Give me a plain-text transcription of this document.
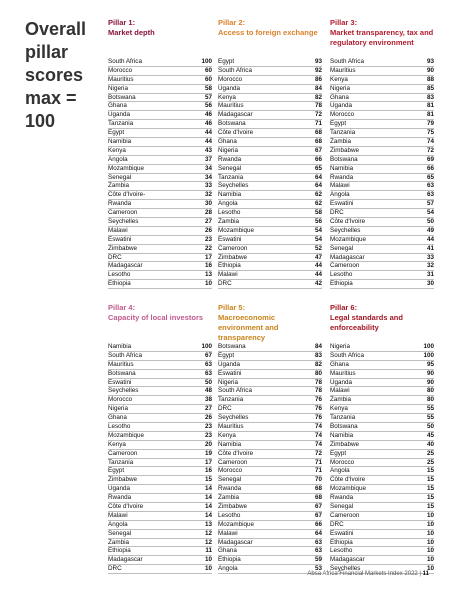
Overall pillar scores max = 100
Pillar 1:
Market depth
South Africa	100
Morocco	60
Mauritius	60
Nigeria	58
Botswana	57
Ghana	56
Uganda	46
Tanzania	46
Egypt	44
Namibia	44
Kenya	43
Angola	37
Mozambique	34
Senegal	34
Zambia	33
Côte d'Ivoire-	32
Rwanda	30
Cameroon	28
Seychelles	27
Malawi	26
Eswatini	23
Zimbabwe	22
DRC	17
Madagascar	16
Lesotho	13
Ethiopia	10
Pillar 2:
Access to foreign exchange
Egypt	93
South Africa	92
Morocco	86
Uganda	84
Kenya	82
Mauritius	78
Madagascar	72
Botswana	71
Côte d'Ivoire	68
Ghana	68
Nigeria	67
Rwanda	66
Senegal	65
Tanzania	64
Seychelles	64
Namibia	62
Angola	62
Lesotho	58
Zambia	56
Mozambique	54
Eswatini	54
Cameroon	52
Zimbabwe	47
Ethiopia	44
Malawi	44
DRC	42
Pillar 3:
Market transparency, tax and regulatory environment
South Africa	93
Mauritius	90
Kenya	88
Nigeria	85
Ghana	83
Uganda	81
Morocco	81
Egypt	79
Tanzania	75
Zambia	74
Zimbabwe	72
Botswana	69
Namibia	66
Rwanda	65
Malawi	63
Angola	63
Eswatini	57
DRC	54
Côte d'Ivoire	50
Seychelles	49
Mozambique	44
Senegal	41
Madagascar	33
Cameroon	32
Lesotho	31
Ethiopia	30
Pillar 4:
Capacity of local investors
Namibia	100
South Africa	67
Mauritius	63
Botswana	63
Eswatini	50
Seychelles	48
Morocco	38
Nigeria	27
Ghana	26
Lesotho	23
Mozambique	23
Kenya	20
Cameroon	19
Tanzania	17
Egypt	16
Zimbabwe	15
Uganda	14
Rwanda	14
Côte d'Ivoire	14
Malawi	14
Angola	13
Senegal	12
Zambia	12
Ethiopia	11
Madagascar	10
DRC	10
Pillar 5:
Macroeconomic environment and transparency
Botswana	84
Egypt	83
Uganda	82
Eswatini	80
Nigeria	78
South Africa	78
Tanzania	76
DRC	76
Seychelles	76
Mauritius	74
Kenya	74
Namibia	74
Côte d'Ivoire	72
Cameroon	71
Morocco	71
Senegal	70
Rwanda	68
Zambia	68
Zimbabwe	67
Lesotho	67
Mozambique	66
Malawi	64
Madagascar	63
Ghana	63
Ethiopia	59
Angola	53
Pillar 6:
Legal standards and enforceability
Nigeria	100
South Africa	100
Ghana	95
Mauritius	90
Uganda	90
Malawi	80
Zambia	80
Kenya	55
Tanzania	55
Botswana	50
Namibia	45
Zimbabwe	40
Egypt	25
Morocco	25
Angola	15
Côte d'Ivoire	15
Mozambique	15
Rwanda	15
Senegal	15
Cameroon	10
DRC	10
Eswatini	10
Ethiopia	10
Lesotho	10
Madagascar	10
Seychelles	10
Absa Africa Financial Markets Index 2022 | 11
